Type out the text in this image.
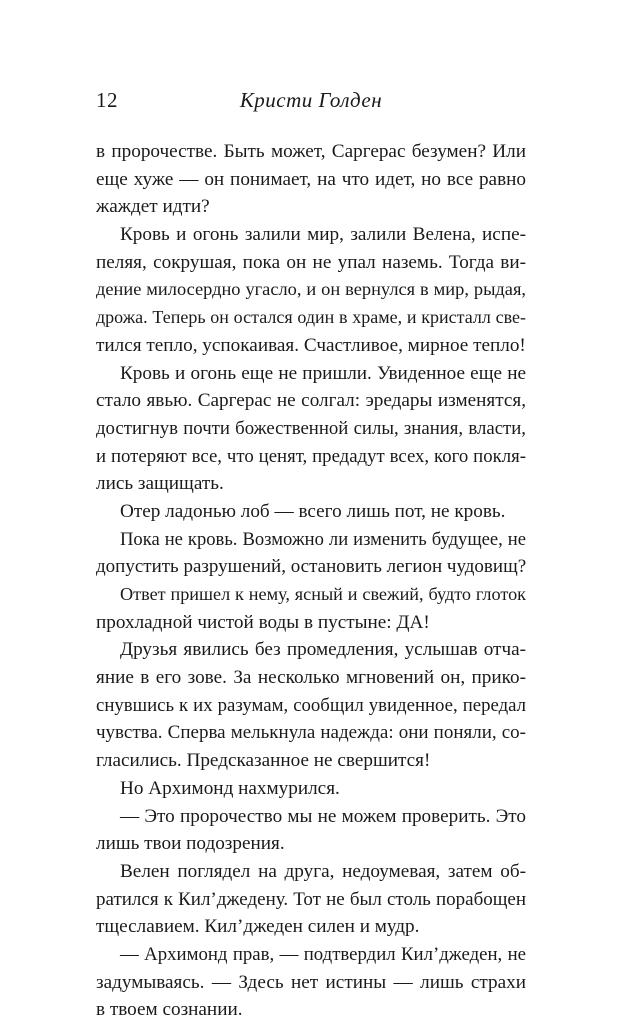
12	Кристи Голден
в пророчестве. Быть может, Саргерас безумен? Или
еще хуже — он понимает, на что идет, но все равно
жаждет идти?
Кровь и огонь залили мир, залили Велена, испе-
пеляя, сокрушая, пока он не упал наземь. Тогда ви-
дение милосердно угасло, и он вернулся в мир, рыдая,
дрожа. Теперь он остался один в храме, и кристалл све-
тился тепло, успокаивая. Счастливое, мирное тепло!
Кровь и огонь еще не пришли. Увиденное еще не
стало явью. Саргерас не солгал: эредары изменятся,
достигнув почти божественной силы, знания, власти,
и потеряют все, что ценят, предадут всех, кого покля-
лись защищать.
Отер ладонью лоб — всего лишь пот, не кровь.
Пока не кровь. Возможно ли изменить будущее, не
допустить разрушений, остановить легион чудовищ?
Ответ пришел к нему, ясный и свежий, будто глоток
прохладной чистой воды в пустыне: ДА!
Друзья явились без промедления, услышав отча-
яние в его зове. За несколько мгновений он, прико-
снувшись к их разумам, сообщил увиденное, передал
чувства. Сперва мелькнула надежда: они поняли, со-
гласились. Предсказанное не свершится!
Но Архимонд нахмурился.
— Это пророчество мы не можем проверить. Это
лишь твои подозрения.
Велен поглядел на друга, недоумевая, затем об-
ратился к Кил’джедену. Тот не был столь порабощен
тщеславием. Кил’джеден силен и мудр.
— Архимонд прав, — подтвердил Кил’джеден, не
задумываясь. — Здесь нет истины — лишь страхи
в твоем сознании.
